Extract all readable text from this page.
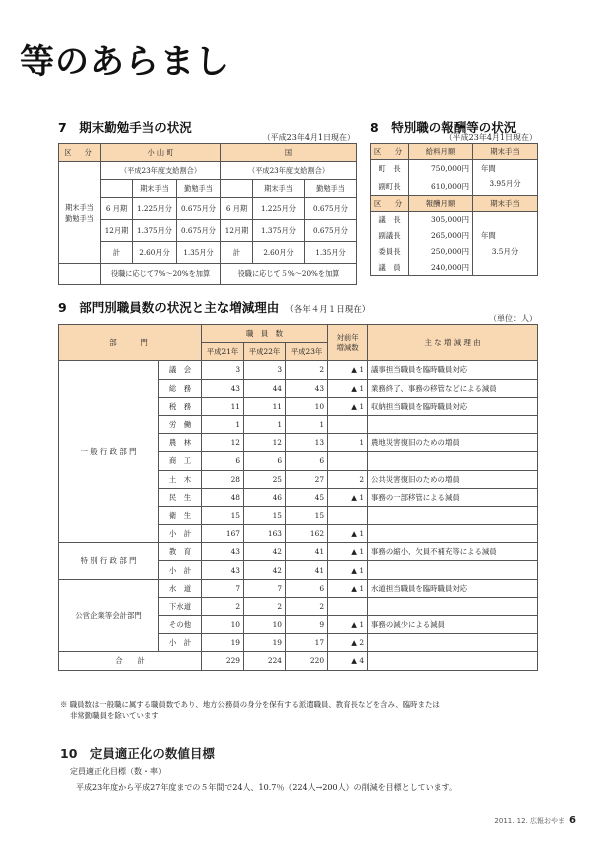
等のあらまし
7　期末勤勉手当の状況
（平成23年4月1日現在）
区　分	小 山 町			国		
期末手当
勤勉手当	（平成23年度支給割合）			（平成23年度支給割合）		
		期末手当	勤勉手当		期末手当	勤勉手当
	6 月期	1.225月分	0.675月分	6 月期	1.225月分	0.675月分
	12月期	1.375月分	0.675月分	12月期	1.375月分	0.675月分
	計	2.60月分	1.35月分	計	2.60月分	1.35月分
	役職に応じて7%～20%を加算			役職に応じて５%～20%を加算		
8　特別職の報酬等の状況
（平成23年4月1日現在）
区　分	給料月額	期末手当
町　長	750,000円	年間
副町長	610,000円	3.95月分
区　分	報酬月額	期末手当
議　長	305,000円	
副議長	265,000円	年間
委員長	250,000円	3.5月分
議　員	240,000円	
9　部門別職員数の状況と主な増減理由 （各年４月１日現在）
（単位：人）
部　　門		職　員　数			対前年
増減数	主 な 増 減 理 由
		平成21年	平成22年	平成23年		
一 般 行 政 部 門	議　会	3	3	2	▲ 1	議事担当職員を臨時職員対応
	総　務	43	44	43	▲ 1	業務終了、事務の移管などによる減員
	税　務	11	11	10	▲ 1	収納担当職員を臨時職員対応
	労　働	1	1	1		
	農　林	12	12	13	1	農地災害復旧のための増員
	商　工	6	6	6		
	土　木	28	25	27	2	公共災害復旧のための増員
	民　生	48	46	45	▲ 1	事務の一部移管による減員
	衛　生	15	15	15		
	小　計	167	163	162	▲ 1	
特 別 行 政 部 門	教　育	43	42	41	▲ 1	事務の縮小、欠員不補充等による減員
	小　計	43	42	41	▲ 1	
公営企業等会計部門	水　道	7	7	6	▲ 1	水道担当職員を臨時職員対応
	下水道	2	2	2		
	その他	10	10	9	▲ 1	事務の減少による減員
	小　計	19	19	17	▲ 2	
合　　計		229	224	220	▲ 4	
※ 職員数は一般職に属する職員数であり、地方公務員の身分を保有する派遣職員、教育長などを含み、臨時または
非常勤職員を除いています
10　定員適正化の数値目標
定員適正化目標（数・率）
平成23年度から平成27年度までの５年間で24人、10.7％（224人→200人）の削減を目標としています。
2011. 12. 広報おやま 6
